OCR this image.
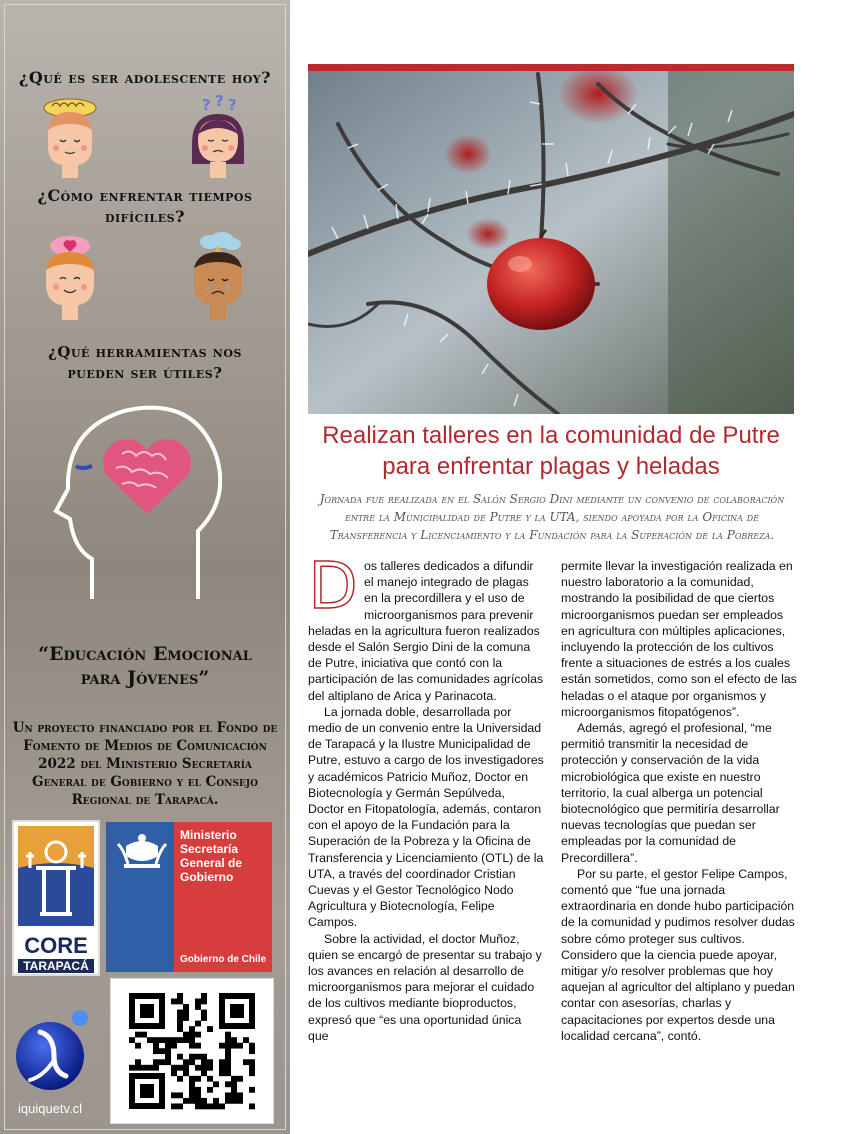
¿Qué es ser adolescente hoy?
? ? ?
¿Cómo enfrentar tiempos difíciles?
¿Qué herramientas nos pueden ser útiles?
“Educación Emocional para Jóvenes”
Un proyecto financiado por el Fondo de Fomento de Medios de Comunicación 2022 del Ministerio Secretaría General de Gobierno y el Consejo Regional de Tarapacá.
CORE
TARAPACÁ
Ministerio
Secretaría
General de
Gobierno
Gobierno de Chile
iquiquetv.cl
Realizan talleres en la comunidad de Putre para enfrentar plagas y heladas
Jornada fue realizada en el Salón Sergio Dini mediante un convenio de colaboración entre la Municipalidad de Putre y la UTA, siendo apoyada por la Oficina de Transferencia y Licenciamiento y la Fundación para la Superación de la Pobreza.
D os talleres dedicados a difundir el manejo integrado de plagas en la precordillera y el uso de microorganismos para prevenir heladas en la agricultura fueron realizados desde el Salón Sergio Dini de la comuna de Putre, iniciativa que contó con la participación de las comunidades agrícolas del altiplano de Arica y Parinacota.

La jornada doble, desarrollada por medio de un convenio entre la Universidad de Tarapacá y la Ilustre Municipalidad de Putre, estuvo a cargo de los investigadores y académicos Patricio Muñoz, Doctor en Biotecnología y Germán Sepúlveda, Doctor en Fitopatología, además, contaron con el apoyo de la Fundación para la Superación de la Pobreza y la Oficina de Transferencia y Licenciamiento (OTL) de la UTA, a través del coordinador Cristian Cuevas y el Gestor Tecnológico Nodo Agricultura y Biotecnología, Felipe Campos.

Sobre la actividad, el doctor Muñoz, quien se encargó de presentar su trabajo y los avances en relación al desarrollo de microorganismos para mejorar el cuidado de los cultivos mediante bioproductos, expresó que “es una oportunidad única que

permite llevar la investigación realizada en nuestro laboratorio a la comunidad, mostrando la posibilidad de que ciertos microorganismos puedan ser empleados en agricultura con múltiples aplicaciones, incluyendo la protección de los cultivos frente a situaciones de estrés a los cuales están sometidos, como son el efecto de las heladas o el ataque por organismos y microorganismos fitopatógenos”.

Además, agregó el profesional, “me permitió transmitir la necesidad de protección y conservación de la vida microbiológica que existe en nuestro territorio, la cual alberga un potencial biotecnológico que permitiría desarrollar nuevas tecnologías que puedan ser empleadas por la comunidad de Precordillera”.

Por su parte, el gestor Felipe Campos, comentó que “fue una jornada extraordinaria en donde hubo participación de la comunidad y pudimos resolver dudas sobre cómo proteger sus cultivos. Considero que la ciencia puede apoyar, mitigar y/o resolver problemas que hoy aquejan al agricultor del altiplano y puedan contar con asesorías, charlas y capacitaciones por expertos desde una localidad cercana”, contó.
